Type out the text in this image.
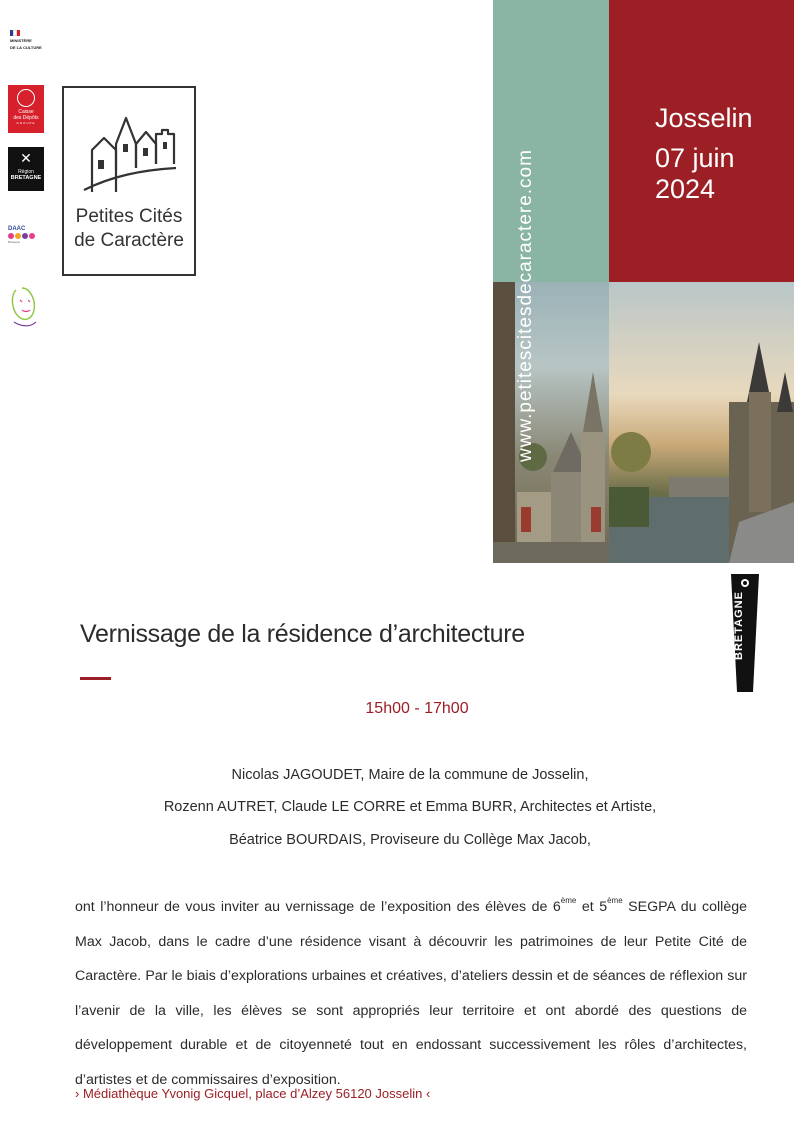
MINISTÈRE
DE LA CULTURE
Caisse
des Dépôts
GROUPE
✕
Région
BRETAGNE
DAAC
Bretagne
Petites Cités
de Caractère	www.petitescitesdecaractere.com
Josselin
07 juin 2024
Vernissage de la résidence d’architecture
15h00 - 17h00
Nicolas JAGOUDET, Maire de la commune de Josselin,
Rozenn AUTRET, Claude LE CORRE et Emma BURR, Architectes et Artiste,
Béatrice BOURDAIS, Proviseure du Collège Max Jacob,
ont l’honneur de vous inviter au vernissage de l’exposition des élèves de 6ème et 5ème SEGPA du collège Max Jacob, dans le cadre d’une résidence visant à découvrir les patrimoines de leur Petite Cité de Caractère. Par le biais d’explorations urbaines et créatives, d’ateliers dessin et de séances de réflexion sur l’avenir de la ville, les élèves se sont appropriés leur territoire et ont abordé des questions de développement durable et de citoyenneté tout en endossant successivement les rôles d’architectes, d’artistes et de commissaires d’exposition.
› Médiathèque Yvonig Gicquel, place d’Alzey 56120 Josselin ‹
